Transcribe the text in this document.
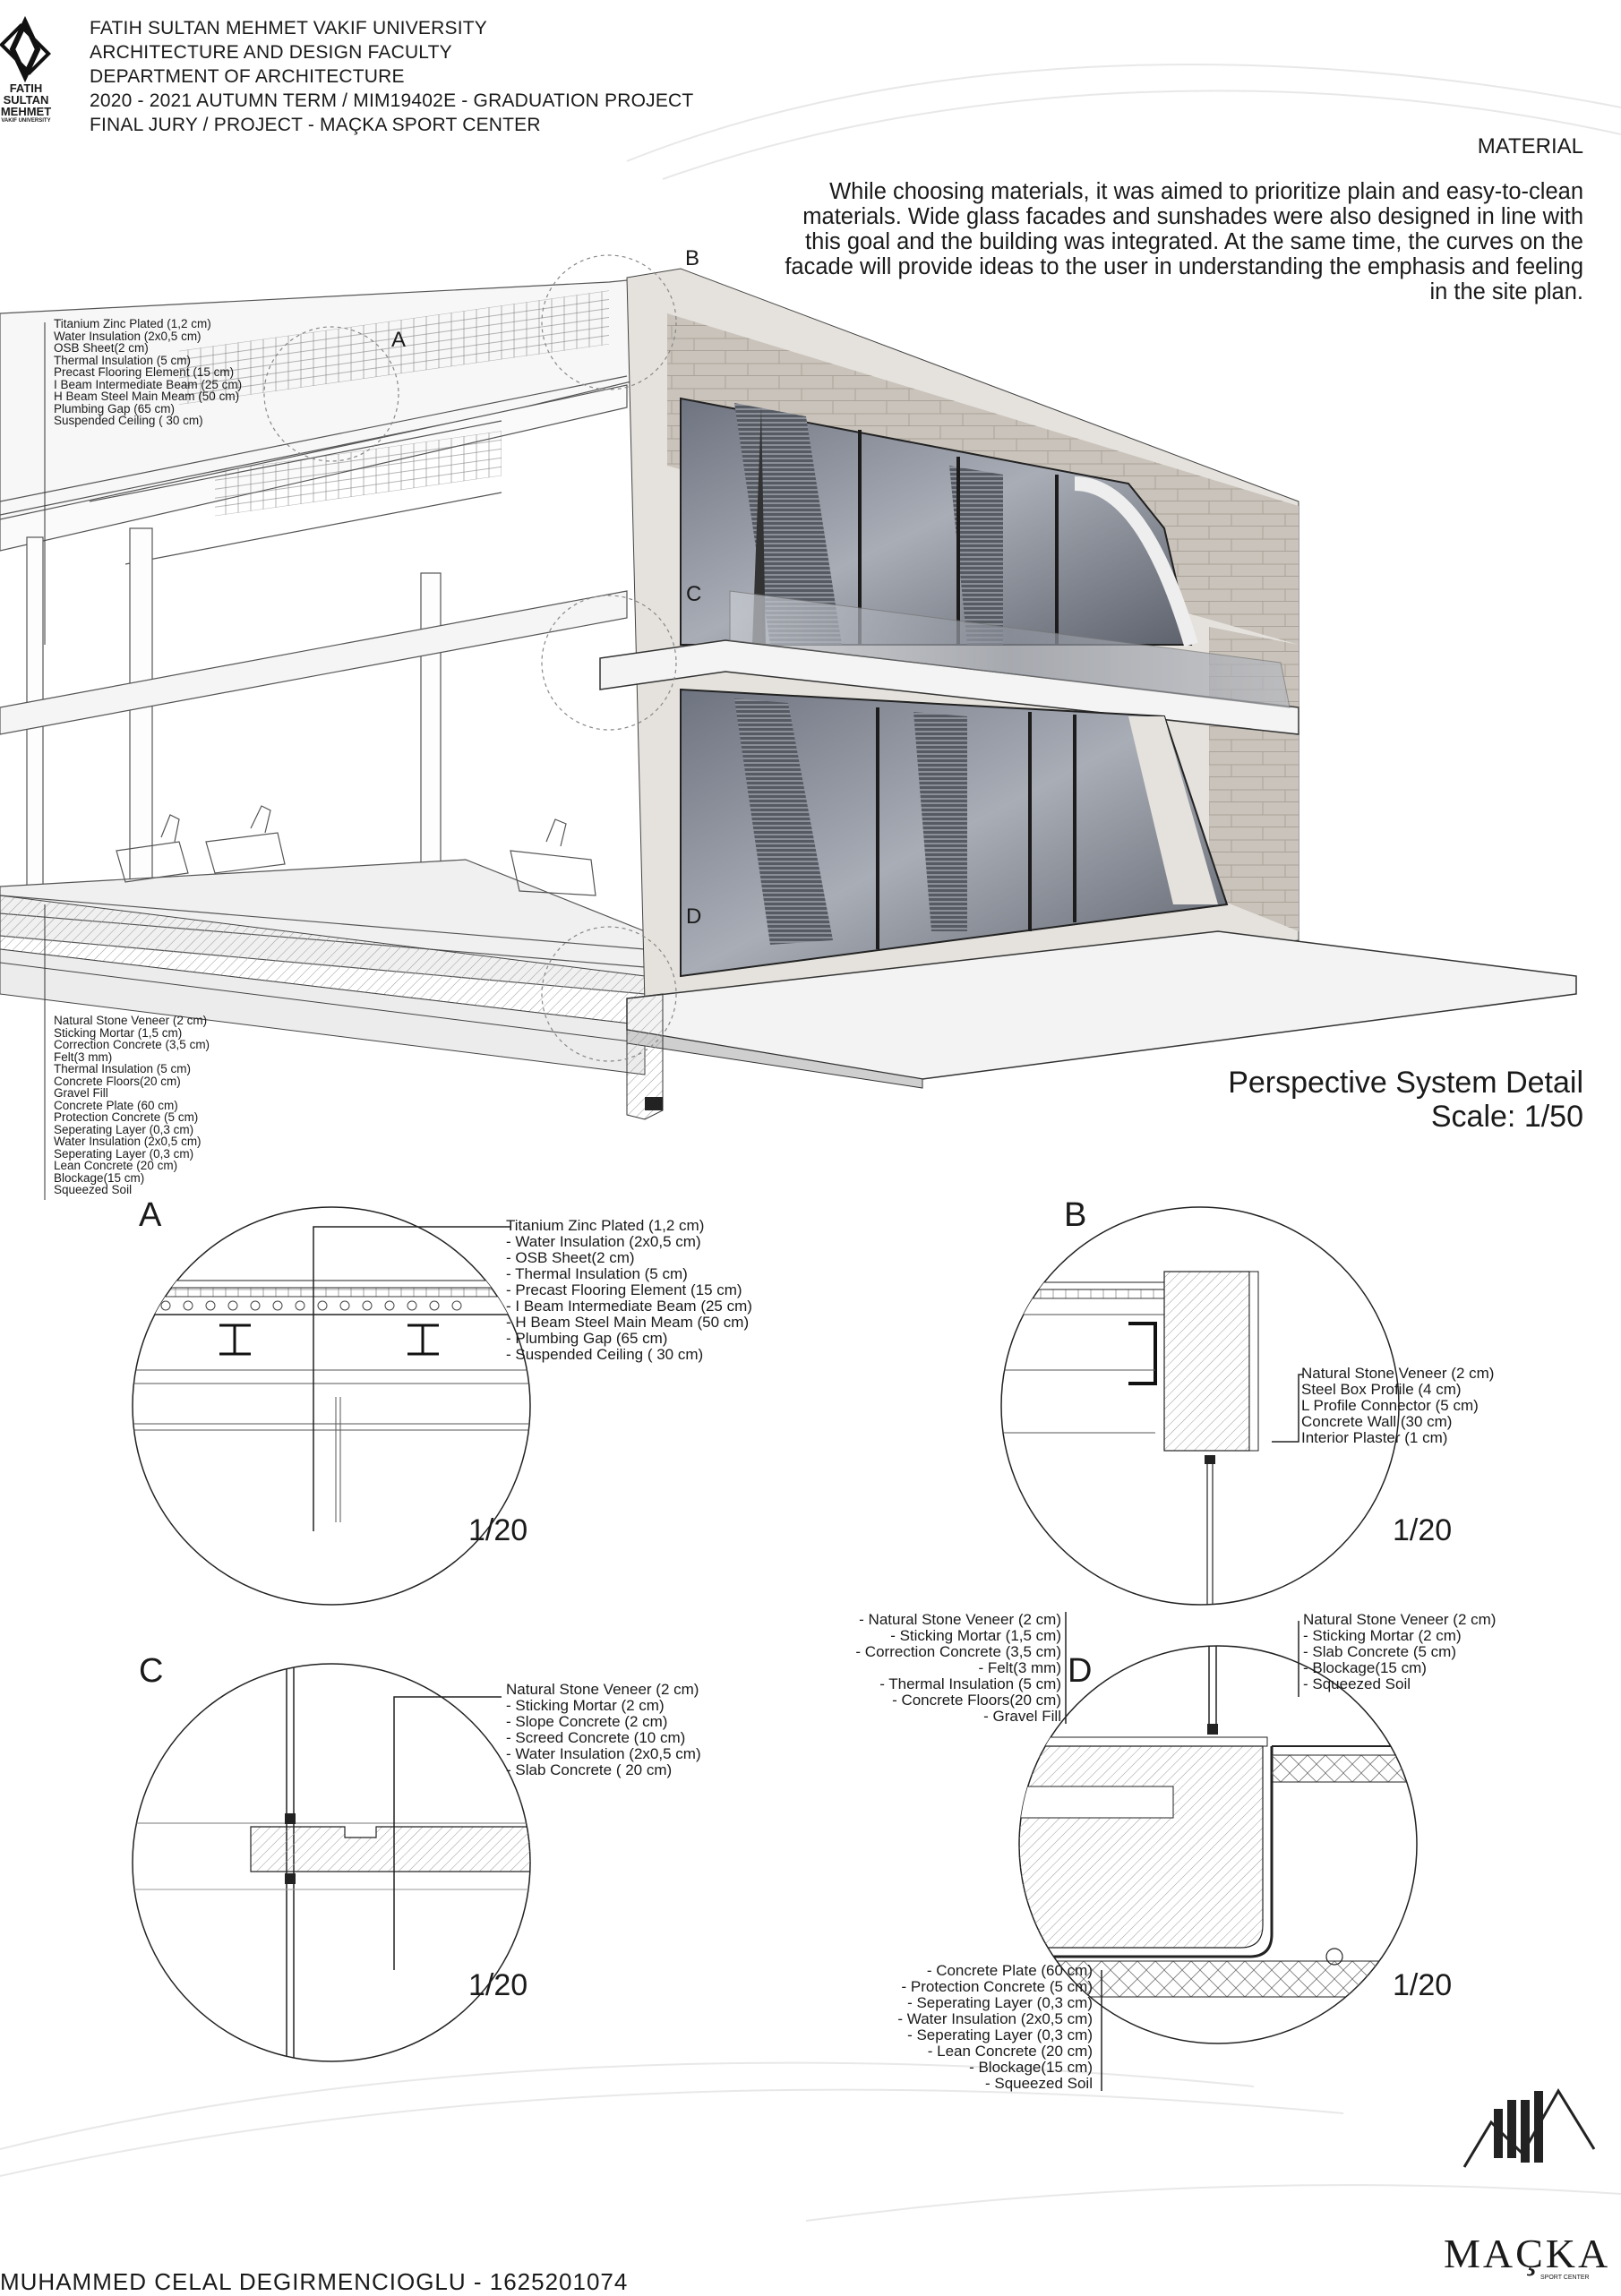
FATIH
SULTAN
MEHMET
VAKIF UNIVERSITY
FATIH SULTAN MEHMET VAKIF UNIVERSITY
ARCHITECTURE AND DESIGN FACULTY
DEPARTMENT OF ARCHITECTURE
2020 - 2021 AUTUMN TERM / MIM19402E - GRADUATION PROJECT
FINAL JURY / PROJECT - MAÇKA SPORT CENTER
MATERIAL
While choosing materials, it was aimed to prioritize plain and easy-to-clean materials. Wide glass facades and sunshades were also designed in line with this goal and the building was integrated. At the same time, the curves on the facade will provide ideas to the user in understanding the emphasis and feeling in the site plan.
A
B
C
D
Titanium Zinc Plated (1,2 cm)
Water Insulation (2x0,5 cm)
OSB Sheet(2 cm)
Thermal Insulation (5 cm)
Precast Flooring Element (15 cm)
I Beam Intermediate Beam (25 cm)
H Beam Steel Main Meam (50 cm)
Plumbing Gap (65 cm)
Suspended Ceiling ( 30 cm)
Natural Stone Veneer (2 cm)
Sticking Mortar (1,5 cm)
Correction Concrete (3,5 cm)
Felt(3 mm)
Thermal Insulation (5 cm)
Concrete Floors(20 cm)
Gravel Fill
Concrete Plate (60 cm)
Protection Concrete (5 cm)
Seperating Layer (0,3 cm)
Water Insulation (2x0,5 cm)
Seperating Layer (0,3 cm)
Lean Concrete (20 cm)
Blockage(15 cm)
Squeezed Soil
Perspective System Detail
Scale: 1/50
A
1/20
Titanium Zinc Plated (1,2 cm)
- Water Insulation (2x0,5 cm)
- OSB Sheet(2 cm)
- Thermal Insulation (5 cm)
- Precast Flooring Element (15 cm)
- I Beam Intermediate Beam (25 cm)
- H Beam Steel Main Meam (50 cm)
- Plumbing Gap (65 cm)
- Suspended Ceiling ( 30 cm)
B
1/20
Natural Stone Veneer (2 cm)
Steel Box Profile (4 cm)
L Profile Connector (5 cm)
Concrete Wall (30 cm)
Interior Plaster (1 cm)
C
1/20
Natural Stone Veneer (2 cm)
- Sticking Mortar (2 cm)
- Slope Concrete (2 cm)
- Screed Concrete (10 cm)
- Water Insulation (2x0,5 cm)
- Slab Concrete ( 20 cm)
D
1/20
- Natural Stone Veneer (2 cm)
- Sticking Mortar (1,5 cm)
- Correction Concrete (3,5 cm)
- Felt(3 mm)
- Thermal Insulation (5 cm)
- Concrete Floors(20 cm)
- Gravel Fill
Natural Stone Veneer (2 cm)
- Sticking Mortar (2 cm)
- Slab Concrete (5 cm)
- Blockage(15 cm)
- Squeezed Soil
- Concrete Plate (60 cm)
- Protection Concrete (5 cm)
- Seperating Layer (0,3 cm)
- Water Insulation (2x0,5 cm)
- Seperating Layer (0,3 cm)
- Lean Concrete (20 cm)
- Blockage(15 cm)
- Squeezed Soil
MUHAMMED CELAL DEGIRMENCIOGLU - 1625201074
MAÇKA
SPORT CENTER
